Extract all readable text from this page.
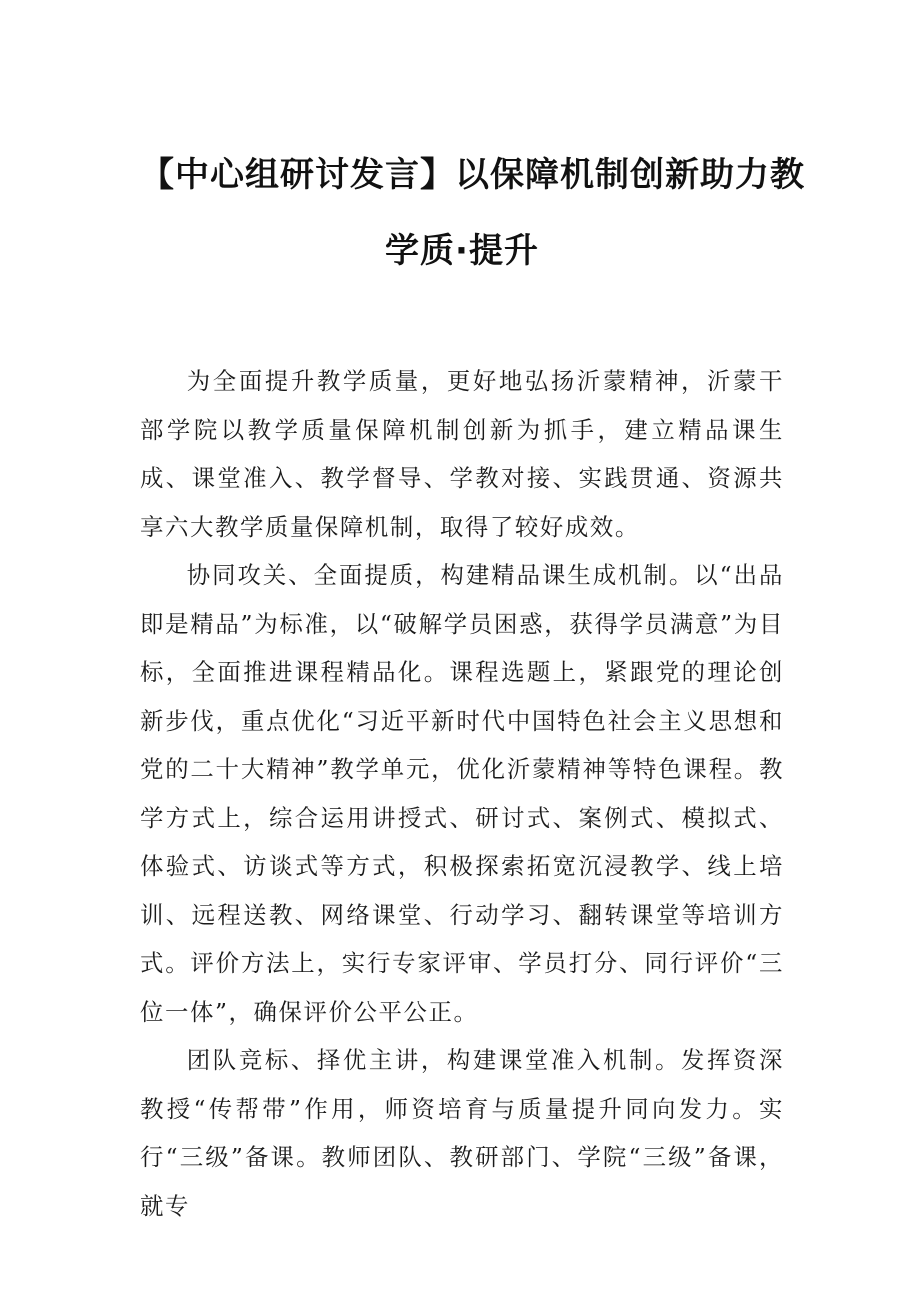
【中心组研讨发言】以保障机制创新助力教
学质·提升

为全面提升教学质量，更好地弘扬沂蒙精神，沂蒙干部学院以教学质量保障机制创新为抓手，建立精品课生成、课堂准入、教学督导、学教对接、实践贯通、资源共享六大教学质量保障机制，取得了较好成效。

协同攻关、全面提质，构建精品课生成机制。以“出品即是精品”为标准，以“破解学员困惑，获得学员满意”为目标，全面推进课程精品化。课程选题上，紧跟党的理论创新步伐，重点优化“习近平新时代中国特色社会主义思想和党的二十大精神”教学单元，优化沂蒙精神等特色课程。教学方式上，综合运用讲授式、研讨式、案例式、模拟式、体验式、访谈式等方式，积极探索拓宽沉浸教学、线上培训、远程送教、网络课堂、行动学习、翻转课堂等培训方式。评价方法上，实行专家评审、学员打分、同行评价“三位一体”，确保评价公平公正。

团队竞标、择优主讲，构建课堂准入机制。发挥资深教授“传帮带”作用，师资培育与质量提升同向发力。实行“三级”备课。教师团队、教研部门、学院“三级”备课，就专
